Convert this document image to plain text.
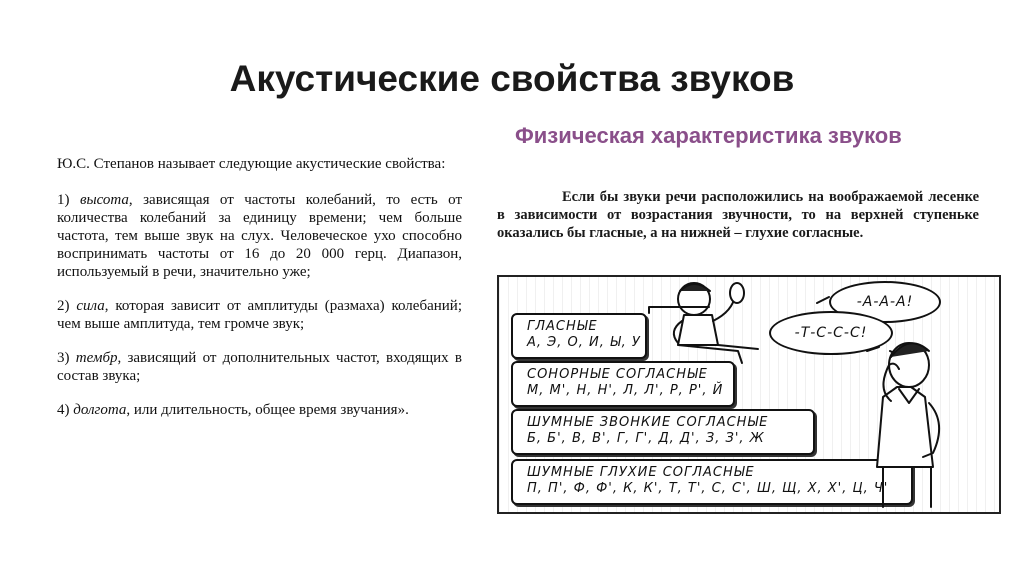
Акустические свойства звуков

Ю.С. Степанов называет следующие акустические свойства:

1) высота, зависящая от частоты колебаний, то есть от количества колебаний за единицу времени; чем больше частота, тем выше звук на слух. Человеческое ухо способно воспринимать частоты от 16 до 20 000 герц. Диапазон, используемый в речи, значительно уже;

2) сила, которая зависит от амплитуды (размаха) колебаний; чем выше амплитуда, тем громче звук;

3) тембр, зависящий от дополнительных частот, входящих в состав звука;

4) долгота, или длительность, общее время звучания».

Физическая характеристика звуков
Если бы звуки речи расположились на воображаемой лесенке в зависимости от возрастания звучности, то на верхней ступеньке оказались бы гласные, а на нижней – глухие согласные.
ГЛАСНЫЕ
А, Э, О, И, Ы, У
СОНОРНЫЕ СОГЛАСНЫЕ
М, М', Н, Н', Л, Л', Р, Р', Й
ШУМНЫЕ ЗВОНКИЕ СОГЛАСНЫЕ
Б, Б', В, В', Г, Г', Д, Д', З, З', Ж
ШУМНЫЕ ГЛУХИЕ СОГЛАСНЫЕ
П, П', Ф, Ф', К, К', Т, Т', С, С', Ш, Щ, Х, Х', Ц, Ч'
-А-А-А!
-Т-С-С-С!
